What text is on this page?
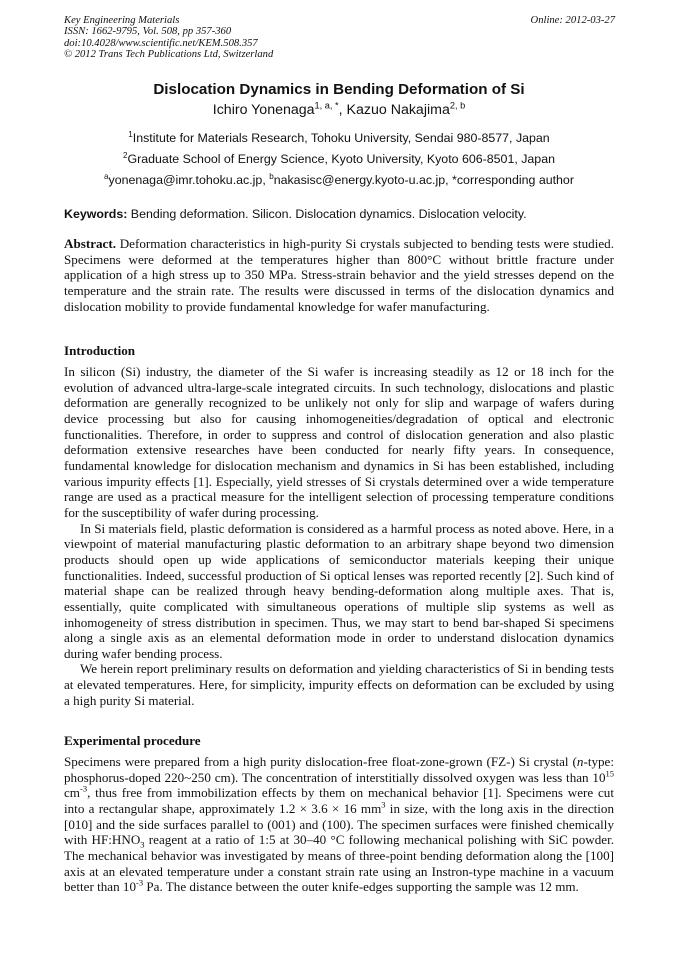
Key Engineering Materials
ISSN: 1662-9795, Vol. 508, pp 357-360
doi:10.4028/www.scientific.net/KEM.508.357
© 2012 Trans Tech Publications Ltd, Switzerland
Online: 2012-03-27
Dislocation Dynamics in Bending Deformation of Si
Ichiro Yonenaga$^{1, a, *}$, Kazuo Nakajima$^{2, b}$
$^1$Institute for Materials Research, Tohoku University, Sendai 980-8577, Japan
$^2$Graduate School of Energy Science, Kyoto University, Kyoto 606-8501, Japan
$^a$yonenaga@imr.tohoku.ac.jp, $^b$nakasisc@energy.kyoto-u.ac.jp, *corresponding author
Keywords: Bending deformation. Silicon. Dislocation dynamics. Dislocation velocity.

Abstract. Deformation characteristics in high-purity Si crystals subjected to bending tests were studied. Specimens were deformed at the temperatures higher than 800°C without brittle fracture under application of a high stress up to 350 MPa. Stress-strain behavior and the yield stresses depend on the temperature and the strain rate. The results were discussed in terms of the dislocation dynamics and dislocation mobility to provide fundamental knowledge for wafer manufacturing.

Introduction

In silicon (Si) industry, the diameter of the Si wafer is increasing steadily as 12 or 18 inch for the evolution of advanced ultra-large-scale integrated circuits. In such technology, dislocations and plastic deformation are generally recognized to be unlikely not only for slip and warpage of wafers during device processing but also for causing inhomogeneities/degradation of optical and electronic functionalities. Therefore, in order to suppress and control of dislocation generation and also plastic deformation extensive researches have been conducted for nearly fifty years. In consequence, fundamental knowledge for dislocation mechanism and dynamics in Si has been established, including various impurity effects [1]. Especially, yield stresses of Si crystals determined over a wide temperature range are used as a practical measure for the intelligent selection of processing temperature conditions for the susceptibility of wafer during processing.

In Si materials field, plastic deformation is considered as a harmful process as noted above. Here, in a viewpoint of material manufacturing plastic deformation to an arbitrary shape beyond two dimension products should open up wide applications of semiconductor materials keeping their unique functionalities. Indeed, successful production of Si optical lenses was reported recently [2]. Such kind of material shape can be realized through heavy bending-deformation along multiple axes. That is, essentially, quite complicated with simultaneous operations of multiple slip systems as well as inhomogeneity of stress distribution in specimen. Thus, we may start to bend bar-shaped Si specimens along a single axis as an elemental deformation mode in order to understand dislocation dynamics during wafer bending process.

We herein report preliminary results on deformation and yielding characteristics of Si in bending tests at elevated temperatures. Here, for simplicity, impurity effects on deformation can be excluded by using a high purity Si material.

Experimental procedure

Specimens were prepared from a high purity dislocation-free float-zone-grown (FZ-) Si crystal (n-type: phosphorus-doped 220~250 cm). The concentration of interstitially dissolved oxygen was less than $10^{15}$ $cm^{-3}$, thus free from immobilization effects by them on mechanical behavior [1]. Specimens were cut into a rectangular shape, approximately 1.2 × 3.6 × 16 $mm^3$ in size, with the long axis in the direction [010] and the side surfaces parallel to (001) and (100). The specimen surfaces were finished chemically with $HF:HNO_3$ reagent at a ratio of 1:5 at 30–40 °C following mechanical polishing with SiC powder. The mechanical behavior was investigated by means of three-point bending deformation along the [100] axis at an elevated temperature under a constant strain rate using an Instron-type machine in a vacuum better than $10^{-3}$ Pa. The distance between the outer knife-edges supporting the sample was 12 mm.
